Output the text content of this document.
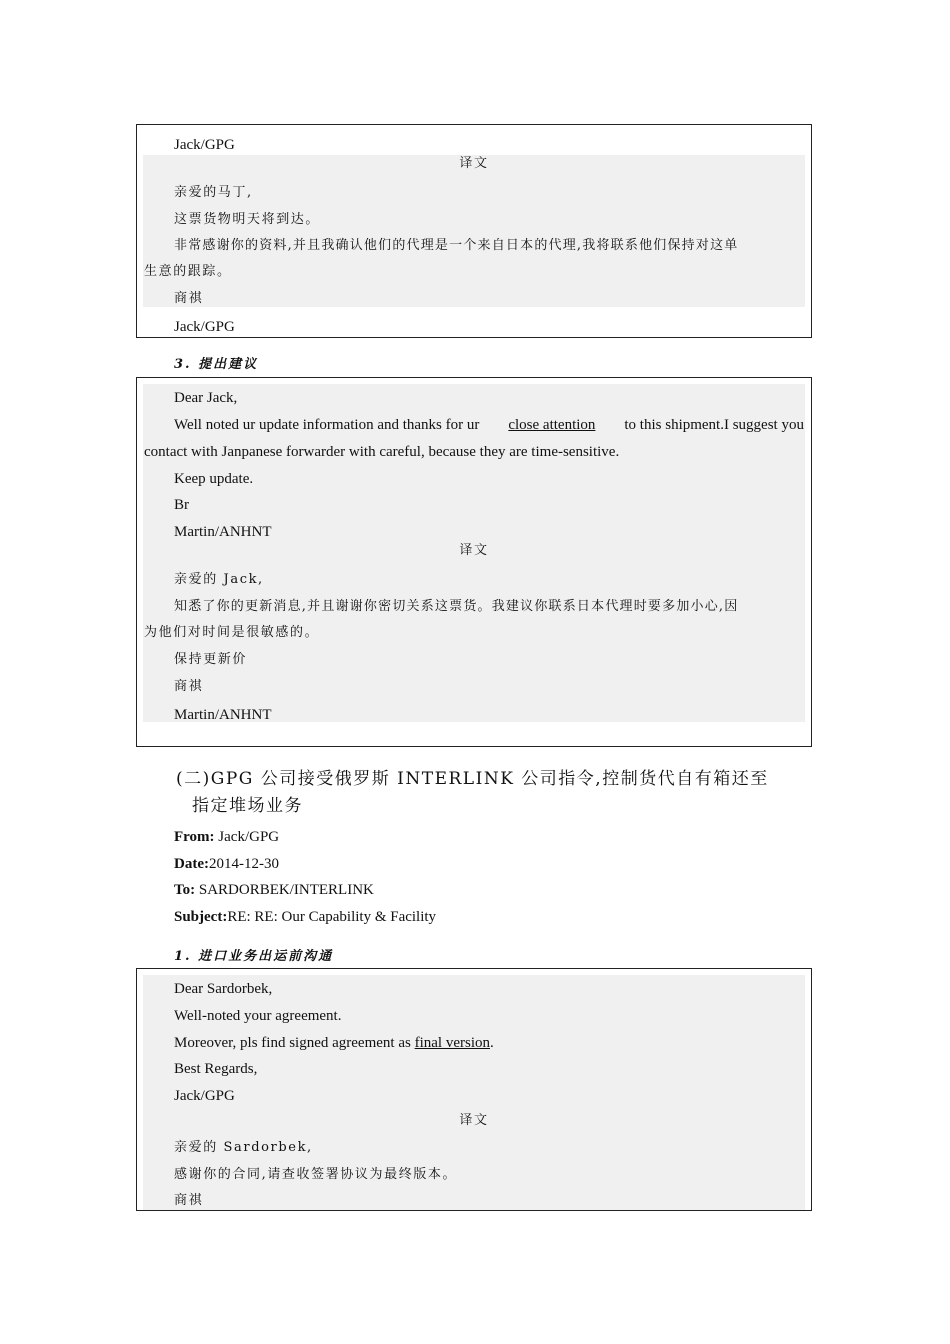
Jack/GPG
译文
亲爱的马丁,
这票货物明天将到达。
非常感谢你的资料,并且我确认他们的代理是一个来自日本的代理,我将联系他们保持对这单
生意的跟踪。
商祺
Jack/GPG
3. 提出建议
Dear Jack,
Well noted ur update information and thanks for ur close attention to this shipment.I suggest you
contact with Janpanese forwarder with careful, because they are time-sensitive.
Keep update.
Br
Martin/ANHNT
译文
亲爱的 Jack,
知悉了你的更新消息,并且谢谢你密切关系这票货。我建议你联系日本代理时要多加小心,因
为他们对时间是很敏感的。
保持更新价
商祺
Martin/ANHNT
(二)GPG 公司接受俄罗斯 INTERLINK 公司指令,控制货代自有箱还至
指定堆场业务
From: Jack/GPG
Date:2014-12-30
To: SARDORBEK/INTERLINK
Subject:RE: RE: Our Capability & Facility
1. 进口业务出运前沟通
Dear Sardorbek,
Well-noted your agreement.
Moreover, pls find signed agreement as final version.
Best Regards,
Jack/GPG
译文
亲爱的 Sardorbek,
感谢你的合同,请查收签署协议为最终版本。
商祺
